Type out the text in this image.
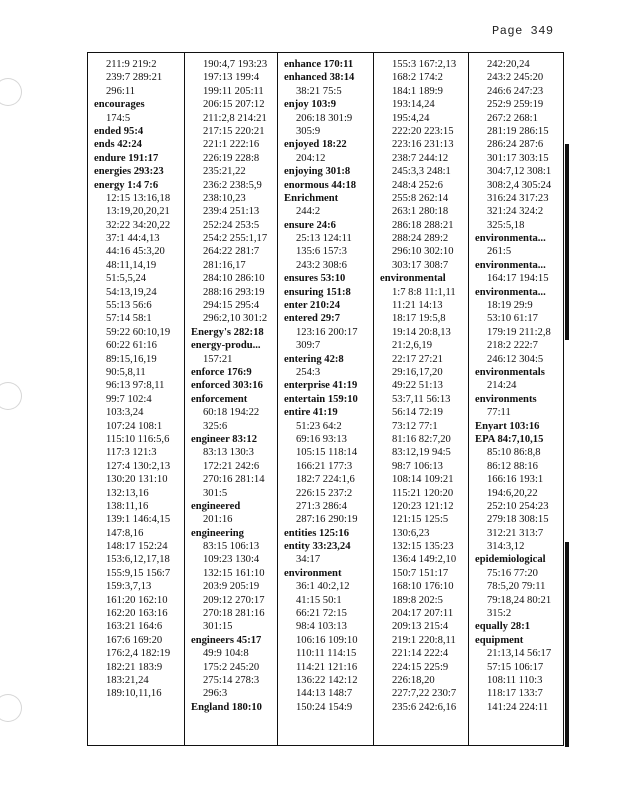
Page 349
211:9 219:2
239:7 289:21
296:11
encourages
174:5
ended 95:4
ends 42:24
endure 191:17
energies 293:23
energy 1:4 7:6
12:15 13:16,18
13:19,20,20,21
32:22 34:20,22
37:1 44:4,13
44:16 45:3,20
48:11,14,19
51:5,5,24
54:13,19,24
55:13 56:6
57:14 58:1
59:22 60:10,19
60:22 61:16
89:15,16,19
90:5,8,11
96:13 97:8,11
99:7 102:4
103:3,24
107:24 108:1
115:10 116:5,6
117:3 121:3
127:4 130:2,13
130:20 131:10
132:13,16
138:11,16
139:1 146:4,15
147:8,16
148:17 152:24
153:6,12,17,18
155:9,15 156:7
159:3,7,13
161:20 162:10
162:20 163:16
163:21 164:6
167:6 169:20
176:2,4 182:19
182:21 183:9
183:21,24
189:10,11,16
190:4,7 193:23
197:13 199:4
199:11 205:11
206:15 207:12
211:2,8 214:21
217:15 220:21
221:1 222:16
226:19 228:8
235:21,22
236:2 238:5,9
238:10,23
239:4 251:13
252:24 253:5
254:2 255:1,17
264:22 281:7
281:16,17
284:10 286:10
288:16 293:19
294:15 295:4
296:2,10 301:2
Energy's 282:18
energy-produ...
157:21
enforce 176:9
enforced 303:16
enforcement
60:18 194:22
325:6
engineer 83:12
83:13 130:3
172:21 242:6
270:16 281:14
301:5
engineered
201:16
engineering
83:15 106:13
109:23 130:4
132:15 161:10
203:9 205:19
209:12 270:17
270:18 281:16
301:15
engineers 45:17
49:9 104:8
175:2 245:20
275:14 278:3
296:3
England 180:10
enhance 170:11
enhanced 38:14
38:21 75:5
enjoy 103:9
206:18 301:9
305:9
enjoyed 18:22
204:12
enjoying 301:8
enormous 44:18
Enrichment
244:2
ensure 24:6
25:13 124:11
135:6 157:3
243:2 308:6
ensures 53:10
ensuring 151:8
enter 210:24
entered 29:7
123:16 200:17
309:7
entering 42:8
254:3
enterprise 41:19
entertain 159:10
entire 41:19
51:23 64:2
69:16 93:13
105:15 118:14
166:21 177:3
182:7 224:1,6
226:15 237:2
271:3 286:4
287:16 290:19
entities 125:16
entity 33:23,24
34:17
environment
36:1 40:2,12
41:15 50:1
66:21 72:15
98:4 103:13
106:16 109:10
110:11 114:15
114:21 121:16
136:22 142:12
144:13 148:7
150:24 154:9
155:3 167:2,13
168:2 174:2
184:1 189:9
193:14,24
195:4,24
222:20 223:15
223:16 231:13
238:7 244:12
245:3,3 248:1
248:4 252:6
255:8 262:14
263:1 280:18
286:18 288:21
288:24 289:2
296:10 302:10
303:17 308:7
environmental
1:7 8:8 11:1,11
11:21 14:13
18:17 19:5,8
19:14 20:8,13
21:2,6,19
22:17 27:21
29:16,17,20
49:22 51:13
53:7,11 56:13
56:14 72:19
73:12 77:1
81:16 82:7,20
83:12,19 94:5
98:7 106:13
108:14 109:21
115:21 120:20
120:23 121:12
121:15 125:5
130:6,23
132:15 135:23
136:4 149:2,10
150:7 151:17
168:10 176:10
189:8 202:5
204:17 207:11
209:13 215:4
219:1 220:8,11
221:14 222:4
224:15 225:9
226:18,20
227:7,22 230:7
235:6 242:6,16
242:20,24
243:2 245:20
246:6 247:23
252:9 259:19
267:2 268:1
281:19 286:15
286:24 287:6
301:17 303:15
304:7,12 308:1
308:2,4 305:24
316:24 317:23
321:24 324:2
325:5,18
environmenta...
261:5
environmenta...
164:17 194:15
environmenta...
18:19 29:9
53:10 61:17
179:19 211:2,8
218:2 222:7
246:12 304:5
environmentals
214:24
environments
77:11
Enyart 103:16
EPA 84:7,10,15
85:10 86:8,8
86:12 88:16
166:16 193:1
194:6,20,22
252:10 254:23
279:18 308:15
312:21 313:7
314:3,12
epidemiological
75:16 77:20
78:5,20 79:11
79:18,24 80:21
315:2
equally 28:1
equipment
21:13,14 56:17
57:15 106:17
108:11 110:3
118:17 133:7
141:24 224:11
